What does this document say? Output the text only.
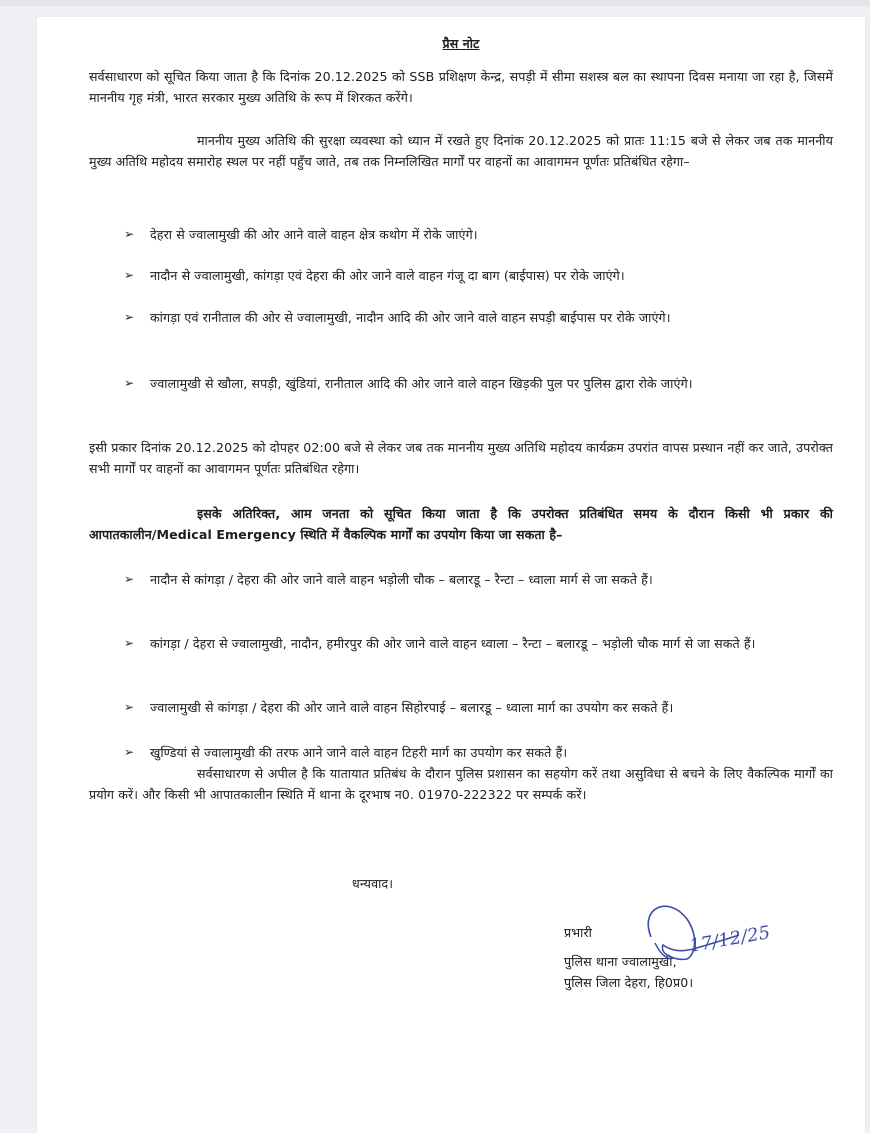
प्रैस नोट
सर्वसाधारण को सूचित किया जाता है कि दिनांक 20.12.2025 को SSB प्रशिक्षण केन्द्र, सपड़ी में सीमा सशस्त्र बल का स्थापना दिवस मनाया जा रहा है, जिसमें माननीय गृह मंत्री, भारत सरकार मुख्य अतिथि के रूप में शिरकत करेंगे।
माननीय मुख्य अतिथि की सुरक्षा व्यवस्था को ध्यान में रखते हुए दिनांक 20.12.2025 को प्रातः 11:15 बजे से लेकर जब तक माननीय मुख्य अतिथि महोदय समारोह स्थल पर नहीं पहुँच जाते, तब तक निम्नलिखित मार्गों पर वाहनों का आवागमन पूर्णतः प्रतिबंधित रहेगा–
➢ देहरा से ज्वालामुखी की ओर आने वाले वाहन क्षेत्र कथोग में रोके जाएंगे।
➢ नादौन से ज्वालामुखी, कांगड़ा एवं देहरा की ओर जाने वाले वाहन गंजू दा बाग (बाईपास) पर रोके जाएंगे।
➢ कांगड़ा एवं रानीताल की ओर से ज्वालामुखी, नादौन आदि की ओर जाने वाले वाहन सपड़ी बाईपास पर रोके जाएंगे।
➢ ज्वालामुखी से खौला, सपड़ी, खुंडियां, रानीताल आदि की ओर जाने वाले वाहन खिड़की पुल पर पुलिस द्वारा रोके जाएंगे।
इसी प्रकार दिनांक 20.12.2025 को दोपहर 02:00 बजे से लेकर जब तक माननीय मुख्य अतिथि महोदय कार्यक्रम उपरांत वापस प्रस्थान नहीं कर जाते, उपरोक्त सभी मार्गों पर वाहनों का आवागमन पूर्णतः प्रतिबंधित रहेगा।
इसके अतिरिक्त, आम जनता को सूचित किया जाता है कि उपरोक्त प्रतिबंधित समय के दौरान किसी भी प्रकार की आपातकालीन/Medical Emergency स्थिति में वैकल्पिक मार्गों का उपयोग किया जा सकता है–
➢ नादौन से कांगड़ा / देहरा की ओर जाने वाले वाहन भड़ोली चौक – बलारडू – रैन्टा – ध्वाला मार्ग से जा सकते हैं।
➢ कांगड़ा / देहरा से ज्वालामुखी, नादौन, हमीरपुर की ओर जाने वाले वाहन ध्वाला – रैन्टा – बलारडू – भड़ोली चौक मार्ग से जा सकते हैं।
➢ ज्वालामुखी से कांगड़ा / देहरा की ओर जाने वाले वाहन सिहोरपाई – बलारडू – ध्वाला मार्ग का उपयोग कर सकते हैं।
➢ खुण्डियां से ज्वालामुखी की तरफ आने जाने वाले वाहन टिहरी मार्ग का उपयोग कर सकते हैं।
सर्वसाधारण से अपील है कि यातायात प्रतिबंध के दौरान पुलिस प्रशासन का सहयोग करें तथा असुविधा से बचने के लिए वैकल्पिक मार्गों का प्रयोग करें। और किसी भी आपातकालीन स्थिति में थाना के दूरभाष न0. 01970-222322 पर सम्पर्क करें।
धन्यवाद।
प्रभारी
पुलिस थाना ज्वालामुखी,
पुलिस जिला देहरा, हि0प्र0।
17/12/25
